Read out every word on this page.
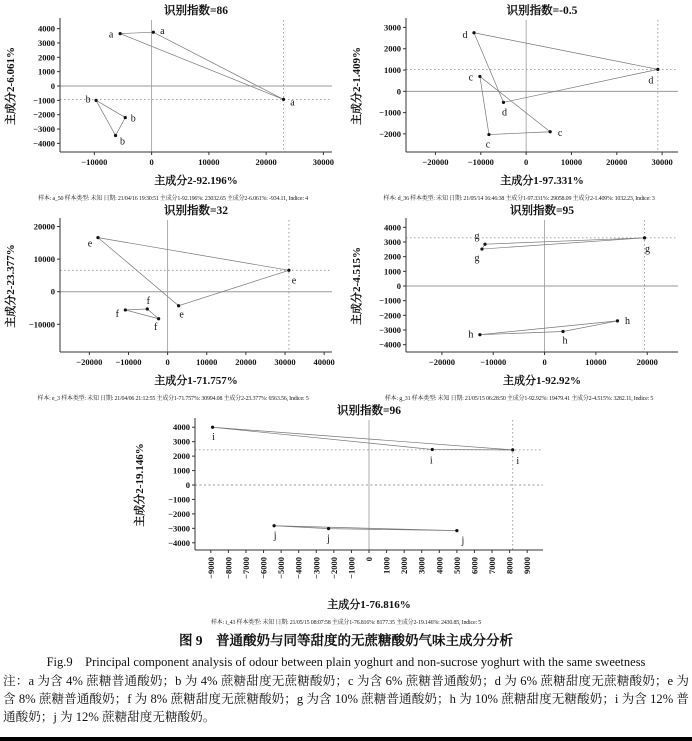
−10000	0	10000	20000	30000
−4000
−3000
−2000
−1000
0
1000
2000
3000
4000
a	a
a
b
b
b
识别指数=86
主成分2-92.196%
主成分2-6.061%
样本: a_50 样本类型: 未知 日期: 21/04/16 19:30:51 主成分1-92.196%: 23032.65 主成分2-6.061%: -934.11, Indice: 4
−20000 −10000	0	10000	20000	30000
−2000
−1000
0
1000
2000
3000
d
d
d
c
c
c
识别指数=-0.5
主成分1-97.331%
主成分2-1.409%
样本: d_36 样本类型: 未知 日期: 21/05/14 16:46:38 主成分1-97.331%: 29058.09 主成分2-1.409%: 1032.23, Indice: 3
−20000 −10000	0	10000 20000 30000 40000
−10000
0
10000
20000
e
e
e
f
f
f
识别指数=32
主成分1-71.757%
主成分2-23.377%
样本: e_3 样本类型: 未知 日期: 21/04/06 21:12:55 主成分1-71.757%: 30994.08 主成分2-23.377%: 6563.56, Indice: 5
−20000	−10000	0	10000	20000
−4000
−3000
−2000
−1000
0
1000
2000
3000
4000
g
g
g
h
h
h
识别指数=95
主成分1-92.92%
主成分2-4.515%
样本: g_31 样本类型: 未知 日期: 21/05/15 06:28:50 主成分1-92.92%: 19479.41 主成分2-4.515%: 3282.11, Indice: 5
−9000 −8000 −7000 −6000 −5000 −4000 −3000 −2000 −1000 0 1000 2000 3000 4000 5000 6000 7000 8000 9000
−4000
−3000
−2000
−1000
0
1000
2000
3000
4000
i
i	i
j	j	j
识别指数=96
主成分1-76.816%
主成分2-19.146%
样本: i_43 样本类型: 未知 日期: 21/05/15 08:07:58 主成分1-76.816%: 8177.35 主成分2-19.146%: 2430.85, Indice: 5

图 9　普通酸奶与同等甜度的无蔗糖酸奶气味主成分分析

Fig.9　Principal component analysis of odour between plain yoghurt and non-sucrose yoghurt with the same sweetness

注：a 为含 4% 蔗糖普通酸奶；b 为 4% 蔗糖甜度无蔗糖酸奶；c 为含 6% 蔗糖普通酸奶；d 为 6% 蔗糖甜度无蔗糖酸奶；e 为含 8% 蔗糖普通酸奶；f 为 8% 蔗糖甜度无蔗糖酸奶；g 为含 10% 蔗糖普通酸奶；h 为 10% 蔗糖甜度无糖酸奶；i 为含 12% 普通酸奶；j 为 12% 蔗糖甜度无糖酸奶。
